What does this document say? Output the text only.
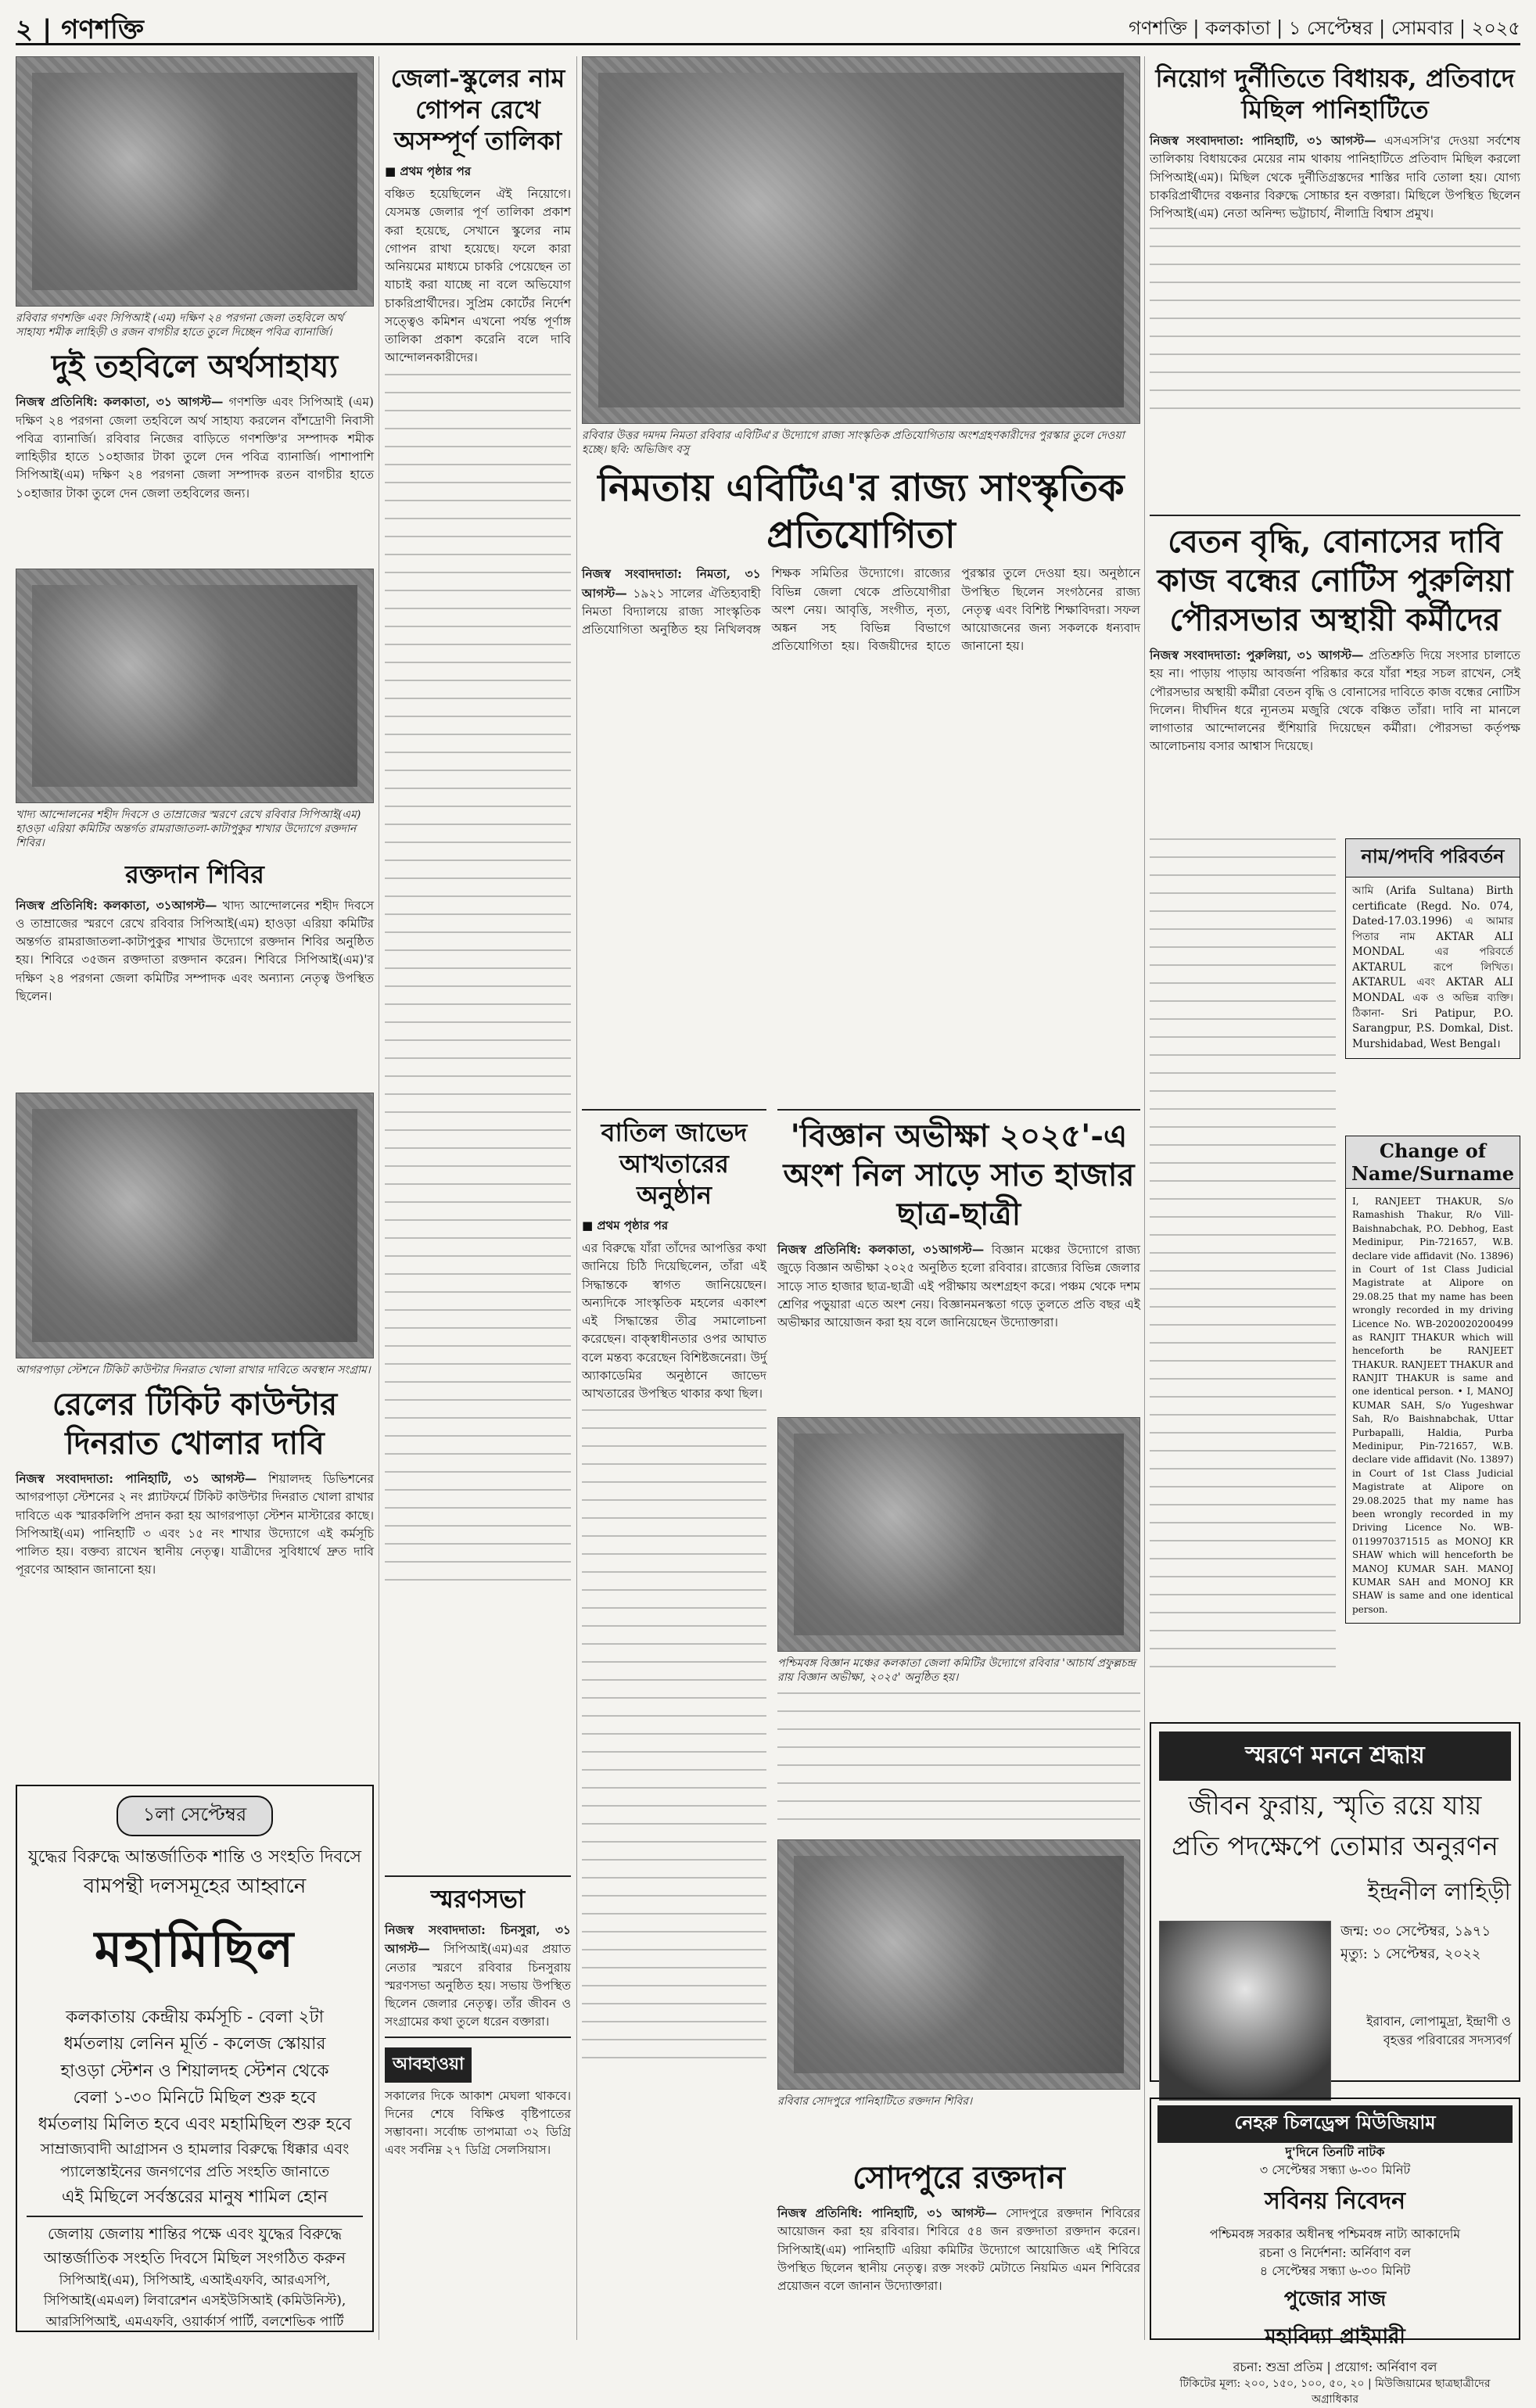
২ | গণশক্তি	গণশক্তি | কলকাতা | ১ সেপ্টেম্বর | সোমবার | ২০২৫
রবিবার গণশক্তি এবং সিপিআই (এম) দক্ষিণ ২৪ পরগনা জেলা তহবিলে অর্থ সাহায্য শমীক লাহিড়ী ও রজন বাগচীর হাতে তুলে দিচ্ছেন পবিত্র ব্যানার্জি।
দুই তহবিলে অর্থসাহায্য

নিজস্ব প্রতিনিধি: কলকাতা, ৩১ আগস্ট— গণশক্তি এবং সিপিআই (এম) দক্ষিণ ২৪ পরগনা জেলা তহবিলে অর্থ সাহায্য করলেন বাঁশদ্রোণী নিবাসী পবিত্র ব্যানার্জি। রবিবার নিজের বাড়িতে গণশক্তি'র সম্পাদক শমীক লাহিড়ীর হাতে ১০হাজার টাকা তুলে দেন পবিত্র ব্যানার্জি। পাশাপাশি সিপিআই(এম) দক্ষিণ ২৪ পরগনা জেলা সম্পাদক রতন বাগচীর হাতে ১০হাজার টাকা তুলে দেন জেলা তহবিলের জন্য।

খাদ্য আন্দোলনের শহীদ দিবসে ও তাম্রাজের স্মরণে রেখে রবিবার সিপিআই(এম) হাওড়া এরিয়া কমিটির অন্তর্গত রামরাজাতলা-কাটাপুকুর শাখার উদ্যোগে রক্তদান শিবির।
রক্তদান শিবির

নিজস্ব প্রতিনিধি: কলকাতা, ৩১আগস্ট— খাদ্য আন্দোলনের শহীদ দিবসে ও তাম্রাজের স্মরণে রেখে রবিবার সিপিআই(এম) হাওড়া এরিয়া কমিটির অন্তর্গত রামরাজাতলা-কাটাপুকুর শাখার উদ্যোগে রক্তদান শিবির অনুষ্ঠিত হয়। শিবিরে ৩৫জন রক্তদাতা রক্তদান করেন। শিবিরে সিপিআই(এম)'র দক্ষিণ ২৪ পরগনা জেলা কমিটির সম্পাদক এবং অন্যান্য নেতৃত্ব উপস্থিত ছিলেন।

আগরপাড়া স্টেশনে টিকিট কাউন্টার দিনরাত খোলা রাখার দাবিতে অবস্থান সংগ্রাম।
রেলের টিকিট কাউন্টার দিনরাত খোলার দাবি

নিজস্ব সংবাদদাতা: পানিহাটি, ৩১ আগস্ট— শিয়ালদহ ডিভিশনের আগরপাড়া স্টেশনের ২ নং প্ল্যাটফর্মে টিকিট কাউন্টার দিনরাত খোলা রাখার দাবিতে এক স্মারকলিপি প্রদান করা হয় আগরপাড়া স্টেশন মাস্টারের কাছে। সিপিআই(এম) পানিহাটি ৩ এবং ১৫ নং শাখার উদ্যোগে এই কর্মসূচি পালিত হয়। বক্তব্য রাখেন স্থানীয় নেতৃত্ব। যাত্রীদের সুবিধার্থে দ্রুত দাবি পূরণের আহ্বান জানানো হয়।

১লা সেপ্টেম্বর
যুদ্ধের বিরুদ্ধে আন্তর্জাতিক শান্তি ও সংহতি দিবসে
বামপন্থী দলসমূহের আহ্বানে
মহামিছিল
কলকাতায় কেন্দ্রীয় কর্মসূচি - বেলা ২টা
ধর্মতলায় লেনিন মূর্তি - কলেজ স্কোয়ার
হাওড়া স্টেশন ও শিয়ালদহ স্টেশন থেকে
বেলা ১-৩০ মিনিটে মিছিল শুরু হবে
ধর্মতলায় মিলিত হবে এবং মহামিছিল শুরু হবে
সাম্রাজ্যবাদী আগ্রাসন ও হামলার বিরুদ্ধে ধিক্কার এবং প্যালেস্তাইনের জনগণের প্রতি সংহতি জানাতে
এই মিছিলে সর্বস্তরের মানুষ শামিল হোন
জেলায় জেলায় শান্তির পক্ষে এবং যুদ্ধের বিরুদ্ধে আন্তর্জাতিক সংহতি দিবসে মিছিল সংগঠিত করুন
সিপিআই(এম), সিপিআই, এআইএফবি, আরএসপি, সিপিআই(এমএল) লিবারেশন এসইউসিআই (কমিউনিস্ট), আরসিপিআই, এমএফবি, ওয়ার্কার্স পার্টি, বলশেভিক পার্টি
জেলা-স্কুলের নাম গোপন রেখে অসম্পূর্ণ তালিকা
■ প্রথম পৃষ্ঠার পর
বঞ্চিত হয়েছিলেন ঐই নিয়োগে। যেসমস্ত জেলার পূর্ণ তালিকা প্রকাশ করা হয়েছে, সেখানে স্কুলের নাম গোপন রাখা হয়েছে। ফলে কারা অনিয়মের মাধ্যমে চাকরি পেয়েছেন তা যাচাই করা যাচ্ছে না বলে অভিযোগ চাকরিপ্রার্থীদের। সুপ্রিম কোর্টের নির্দেশ সত্ত্বেও কমিশন এখনো পর্যন্ত পূর্ণাঙ্গ তালিকা প্রকাশ করেনি বলে দাবি আন্দোলনকারীদের।
স্মরণসভা

নিজস্ব সংবাদদাতা: চিনসুরা, ৩১ আগস্ট— সিপিআই(এম)এর প্রয়াত নেতার স্মরণে রবিবার চিনসুরায় স্মরণসভা অনুষ্ঠিত হয়। সভায় উপস্থিত ছিলেন জেলার নেতৃত্ব। তাঁর জীবন ও সংগ্রামের কথা তুলে ধরেন বক্তারা।

আবহাওয়া
সকালের দিকে আকাশ মেঘলা থাকবে। দিনের শেষে বিক্ষিপ্ত বৃষ্টিপাতের সম্ভাবনা। সর্বোচ্চ তাপমাত্রা ৩২ ডিগ্রি এবং সর্বনিম্ন ২৭ ডিগ্রি সেলসিয়াস।
রবিবার উত্তর দমদম নিমতা রবিবার এবিটিএ'র উদ্যোগে রাজ্য সাংস্কৃতিক প্রতিযোগিতায় অংশগ্রহণকারীদের পুরস্কার তুলে দেওয়া হচ্ছে। ছবি: অভিজিৎ বসু
নিমতায় এবিটিএ'র রাজ্য সাংস্কৃতিক প্রতিযোগিতা

নিজস্ব সংবাদদাতা: নিমতা, ৩১ আগস্ট— ১৯২১ সালের ঐতিহ্যবাহী নিমতা বিদ্যালয়ে রাজ্য সাংস্কৃতিক প্রতিযোগিতা অনুষ্ঠিত হয় নিখিলবঙ্গ শিক্ষক সমিতির উদ্যোগে। রাজ্যের বিভিন্ন জেলা থেকে প্রতিযোগীরা অংশ নেয়। আবৃত্তি, সংগীত, নৃত্য, অঙ্কন সহ বিভিন্ন বিভাগে প্রতিযোগিতা হয়। বিজয়ীদের হাতে পুরস্কার তুলে দেওয়া হয়। অনুষ্ঠানে উপস্থিত ছিলেন সংগঠনের রাজ্য নেতৃত্ব এবং বিশিষ্ট শিক্ষাবিদরা। সফল আয়োজনের জন্য সকলকে ধন্যবাদ জানানো হয়।

বাতিল জাভেদ আখতারের অনুষ্ঠান
■ প্রথম পৃষ্ঠার পর
এর বিরুদ্ধে যাঁরা তাঁদের আপত্তির কথা জানিয়ে চিঠি দিয়েছিলেন, তাঁরা এই সিদ্ধান্তকে স্বাগত জানিয়েছেন। অন্যদিকে সাংস্কৃতিক মহলের একাংশ এই সিদ্ধান্তের তীব্র সমালোচনা করেছেন। বাক্‌স্বাধীনতার ওপর আঘাত বলে মন্তব্য করেছেন বিশিষ্টজনেরা। উর্দু অ্যাকাডেমির অনুষ্ঠানে জাভেদ আখতারের উপস্থিত থাকার কথা ছিল।
'বিজ্ঞান অভীক্ষা ২০২৫'-এ অংশ নিল সাড়ে সাত হাজার ছাত্র-ছাত্রী

নিজস্ব প্রতিনিধি: কলকাতা, ৩১আগস্ট— বিজ্ঞান মঞ্চের উদ্যোগে রাজ্য জুড়ে বিজ্ঞান অভীক্ষা ২০২৫ অনুষ্ঠিত হলো রবিবার। রাজ্যের বিভিন্ন জেলার সাড়ে সাত হাজার ছাত্র-ছাত্রী এই পরীক্ষায় অংশগ্রহণ করে। পঞ্চম থেকে দশম শ্রেণির পড়ুয়ারা এতে অংশ নেয়। বিজ্ঞানমনস্কতা গড়ে তুলতে প্রতি বছর এই অভীক্ষার আয়োজন করা হয় বলে জানিয়েছেন উদ্যোক্তারা।

পশ্চিমবঙ্গ বিজ্ঞান মঞ্চের কলকাতা জেলা কমিটির উদ্যোগে রবিবার 'আচার্য প্রফুল্লচন্দ্র রায় বিজ্ঞান অভীক্ষা, ২০২৫' অনুষ্ঠিত হয়।
রবিবার সোদপুরে পানিহাটিতে রক্তদান শিবির।
সোদপুরে রক্তদান

নিজস্ব প্রতিনিধি: পানিহাটি, ৩১ আগস্ট— সোদপুরে রক্তদান শিবিরের আয়োজন করা হয় রবিবার। শিবিরে ৫৪ জন রক্তদাতা রক্তদান করেন। সিপিআই(এম) পানিহাটি এরিয়া কমিটির উদ্যোগে আয়োজিত এই শিবিরে উপস্থিত ছিলেন স্থানীয় নেতৃত্ব। রক্ত সংকট মেটাতে নিয়মিত এমন শিবিরের প্রয়োজন বলে জানান উদ্যোক্তারা।

নিয়োগ দুর্নীতিতে বিধায়ক, প্রতিবাদে মিছিল পানিহাটিতে

নিজস্ব সংবাদদাতা: পানিহাটি, ৩১ আগস্ট— এসএসসি'র দেওয়া সর্বশেষ তালিকায় বিধায়কের মেয়ের নাম থাকায় পানিহাটিতে প্রতিবাদ মিছিল করলো সিপিআই(এম)। মিছিল থেকে দুর্নীতিগ্রস্তদের শাস্তির দাবি তোলা হয়। যোগ্য চাকরিপ্রার্থীদের বঞ্চনার বিরুদ্ধে সোচ্চার হন বক্তারা। মিছিলে উপস্থিত ছিলেন সিপিআই(এম) নেতা অনিন্দ্য ভট্টাচার্য, নীলাদ্রি বিশ্বাস প্রমুখ।

বেতন বৃদ্ধি, বোনাসের দাবি কাজ বন্ধের নোটিস পুরুলিয়া পৌরসভার অস্থায়ী কর্মীদের

নিজস্ব সংবাদদাতা: পুরুলিয়া, ৩১ আগস্ট— প্রতিশ্রুতি দিয়ে সংসার চালাতে হয় না। পাড়ায় পাড়ায় আবর্জনা পরিষ্কার করে যাঁরা শহর সচল রাখেন, সেই পৌরসভার অস্থায়ী কর্মীরা বেতন বৃদ্ধি ও বোনাসের দাবিতে কাজ বন্ধের নোটিস দিলেন। দীর্ঘদিন ধরে ন্যূনতম মজুরি থেকে বঞ্চিত তাঁরা। দাবি না মানলে লাগাতার আন্দোলনের হুঁশিয়ারি দিয়েছেন কর্মীরা। পৌরসভা কর্তৃপক্ষ আলোচনায় বসার আশ্বাস দিয়েছে।

নাম/পদবি পরিবর্তন
আমি (Arifa Sultana) Birth certificate (Regd. No. 074, Dated-17.03.1996) এ আমার পিতার নাম AKTAR ALI MONDAL এর পরিবর্তে AKTARUL রূপে লিখিত। AKTARUL এবং AKTAR ALI MONDAL এক ও অভিন্ন ব্যক্তি। ঠিকানা- Sri Patipur, P.O. Sarangpur, P.S. Domkal, Dist. Murshidabad, West Bengal।
Change of Name/Surname
I, RANJEET THAKUR, S/o Ramashish Thakur, R/o Vill-Baishnabchak, P.O. Debhog, East Medinipur, Pin-721657, W.B. declare vide affidavit (No. 13896) in Court of 1st Class Judicial Magistrate at Alipore on 29.08.25 that my name has been wrongly recorded in my driving Licence No. WB-2020020200499 as RANJIT THAKUR which will henceforth be RANJEET THAKUR. RANJEET THAKUR and RANJIT THAKUR is same and one identical person. • I, MANOJ KUMAR SAH, S/o Yugeshwar Sah, R/o Baishnabchak, Uttar Purbapalli, Haldia, Purba Medinipur, Pin-721657, W.B. declare vide affidavit (No. 13897) in Court of 1st Class Judicial Magistrate at Alipore on 29.08.2025 that my name has been wrongly recorded in my Driving Licence No. WB-0119970371515 as MONOJ KR SHAW which will henceforth be MANOJ KUMAR SAH. MANOJ KUMAR SAH and MONOJ KR SHAW is same and one identical person.
স্মরণে মননে শ্রদ্ধায়
জীবন ফুরায়, স্মৃতি রয়ে যায়
প্রতি পদক্ষেপে তোমার অনুরণন
ইন্দ্রনীল লাহিড়ী
জন্ম: ৩০ সেপ্টেম্বর, ১৯৭১
মৃত্যু: ১ সেপ্টেম্বর, ২০২২
ইরাবান, লোপামুদ্রা, ইন্দ্রাণী ও বৃহত্তর পরিবারের সদস্যবর্গ
নেহরু চিলড্রেন্স মিউজিয়াম
দু'দিনে তিনটি নাটক
৩ সেপ্টেম্বর সন্ধ্যা ৬-৩০ মিনিট
সবিনয় নিবেদন
পশ্চিমবঙ্গ সরকার অধীনস্থ পশ্চিমবঙ্গ নাট্য আকাদেমি
রচনা ও নির্দেশনা: অর্নিবাণ বল
৪ সেপ্টেম্বর সন্ধ্যা ৬-৩০ মিনিট
পুজোর সাজ
মহাবিদ্যা প্রাইমারী
রচনা: শুভ্রা প্রতিম | প্রয়োগ: অর্নিবাণ বল
টিকিটের মূল্য: ২০০, ১৫০, ১০০, ৫০, ২০ | মিউজিয়ামের ছাত্রছাত্রীদের অগ্রাধিকার
